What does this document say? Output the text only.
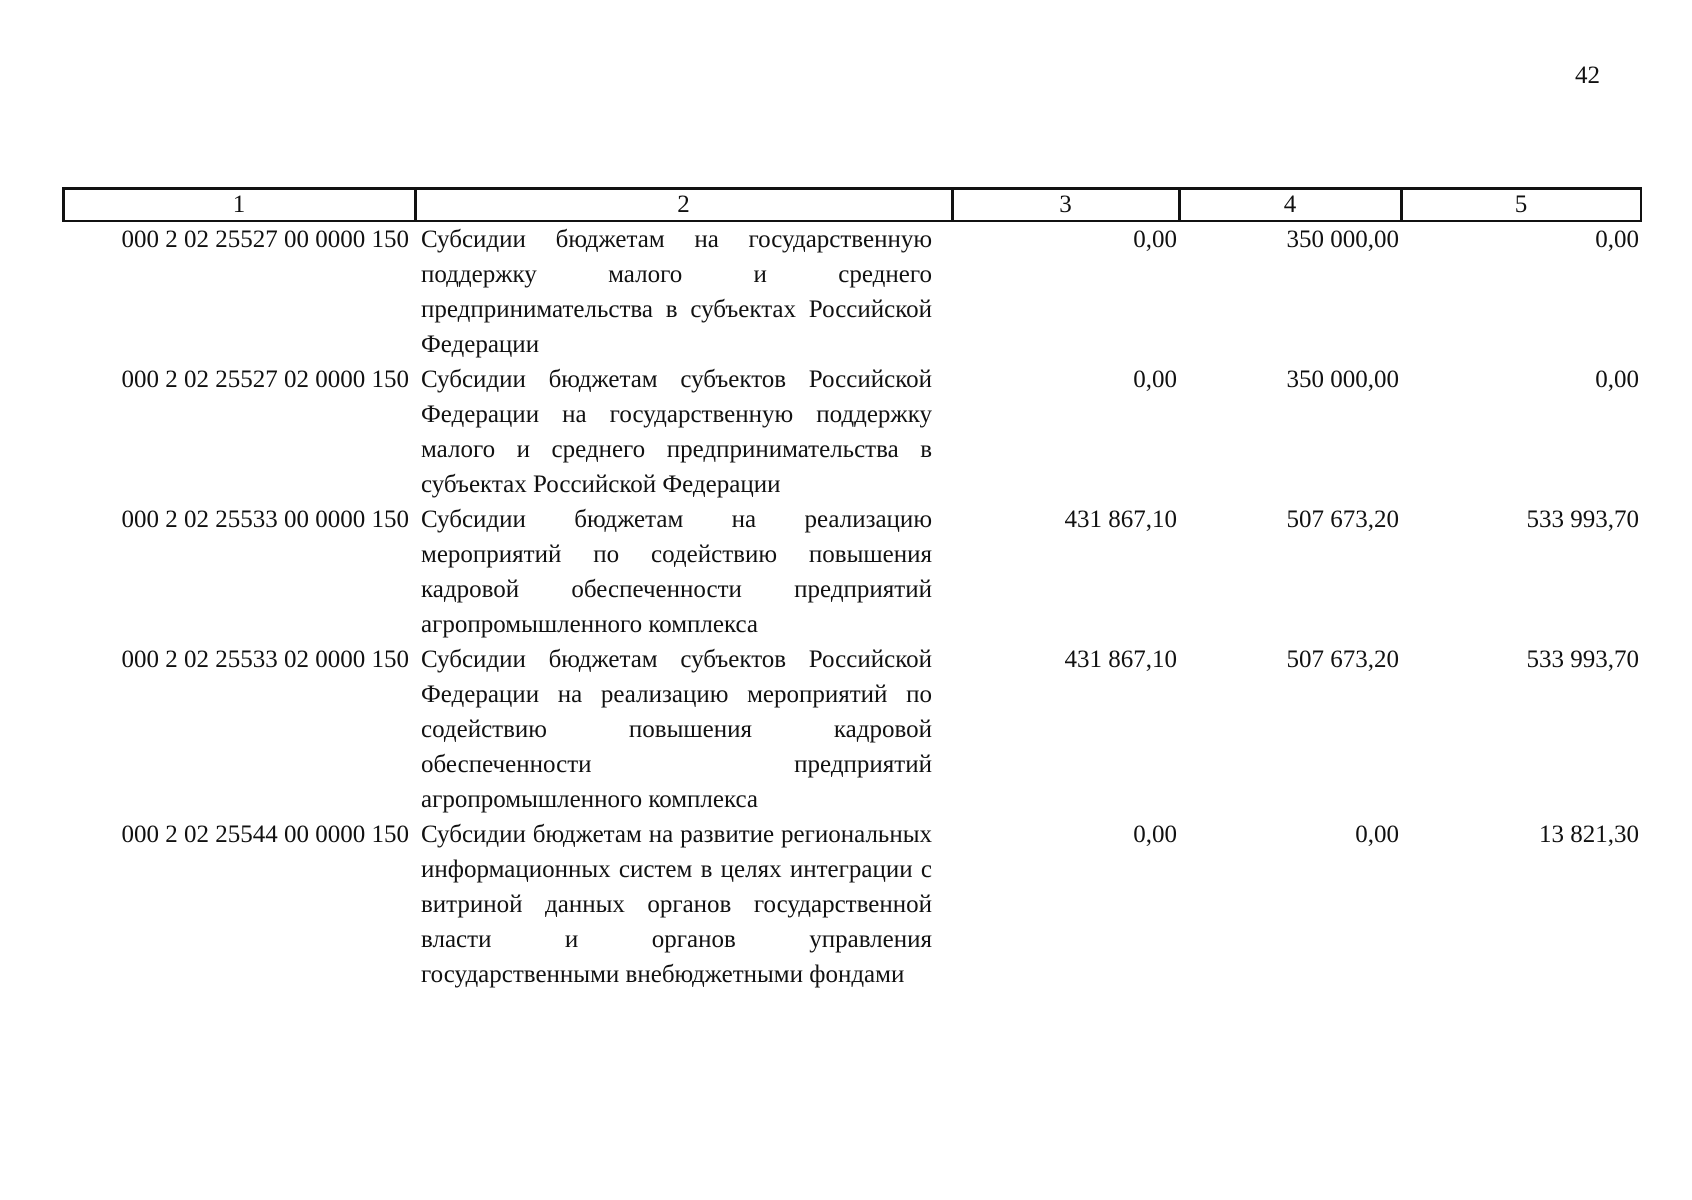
42
1	2	3	4	5
000 2 02 25527 00 0000 150	Субсидии бюджетам на государственную поддержку малого и среднего предпринимательства в субъектах Российской Федерации	0,00	350 000,00	0,00
000 2 02 25527 02 0000 150	Субсидии бюджетам субъектов Российской Федерации на государственную поддержку малого и среднего предпринимательства в субъектах Российской Федерации	0,00	350 000,00	0,00
000 2 02 25533 00 0000 150	Субсидии бюджетам на реализацию мероприятий по содействию повышения кадровой обеспеченности предприятий агропромышленного комплекса	431 867,10	507 673,20	533 993,70
000 2 02 25533 02 0000 150	Субсидии бюджетам субъектов Российской Федерации на реализацию мероприятий по содействию повышения кадровой обеспеченности предприятий агропромышленного комплекса	431 867,10	507 673,20	533 993,70
000 2 02 25544 00 0000 150	Субсидии бюджетам на развитие региональных информационных систем в целях интеграции с витриной данных органов государственной власти и органов управления государственными внебюджетными фондами	0,00	0,00	13 821,30
